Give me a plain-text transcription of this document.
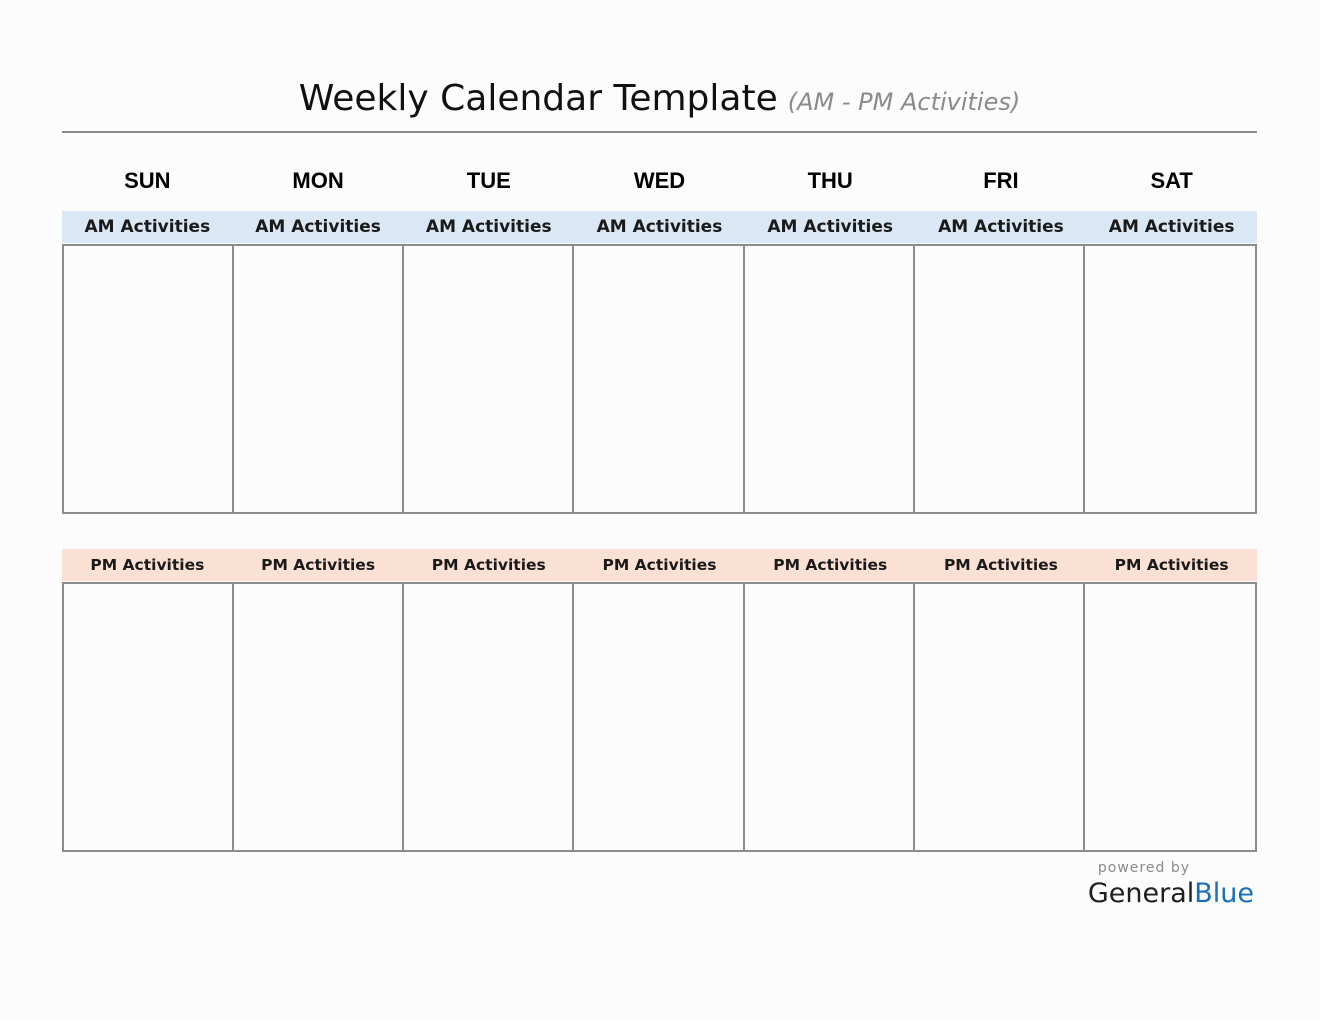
Weekly Calendar Template (AM - PM Activities)
SUN	MON	TUE	WED	THU	FRI	SAT
AM Activities	AM Activities	AM Activities	AM Activities	AM Activities	AM Activities	AM Activities
PM Activities	PM Activities	PM Activities	PM Activities	PM Activities	PM Activities	PM Activities
powered by
GeneralBlue
